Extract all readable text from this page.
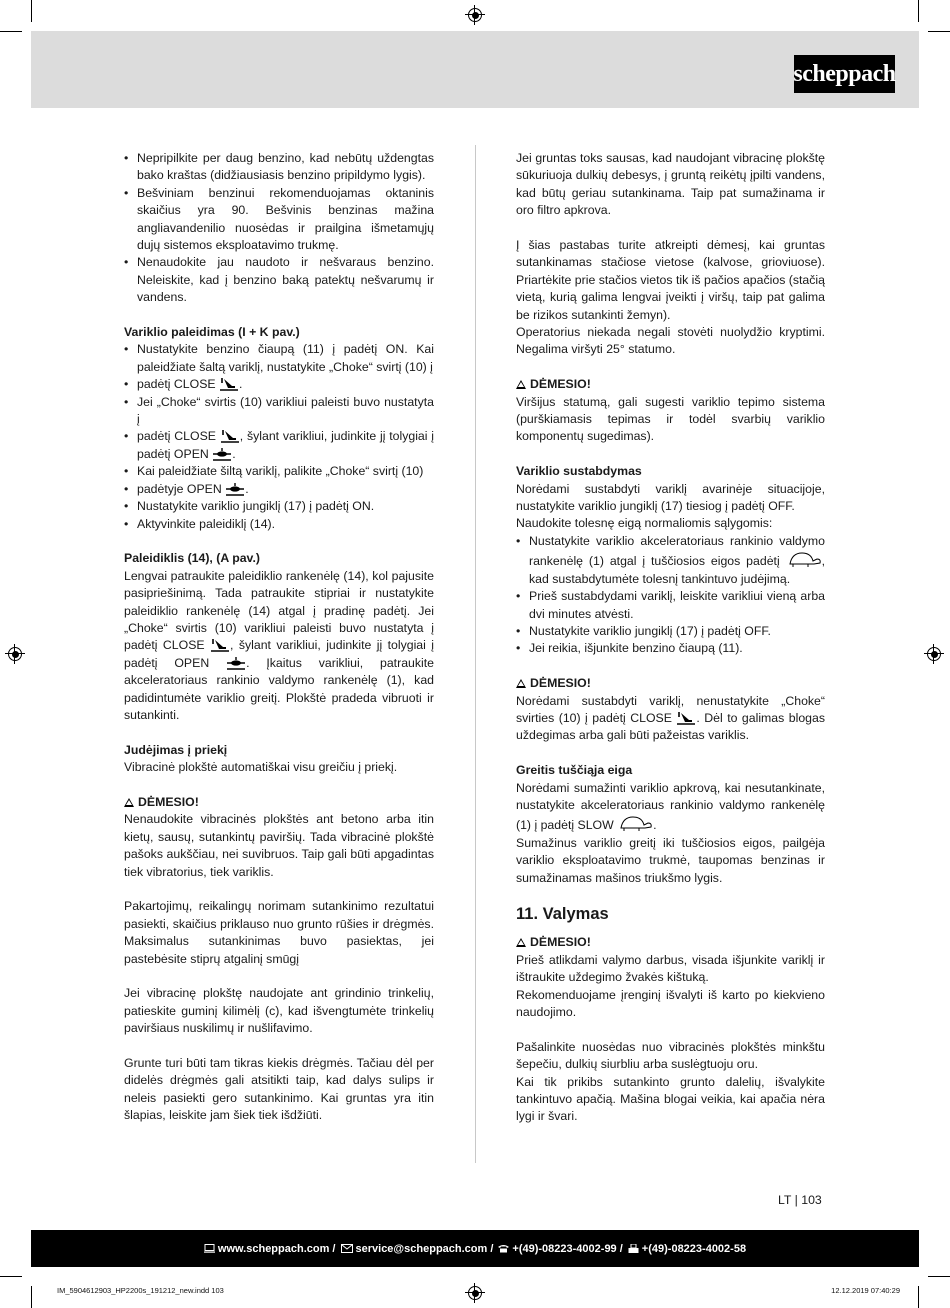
scheppach
• Nepripilkite per daug benzino, kad nebūtų uždengtas bako kraštas (didžiausiasis benzino pripildymo lygis).
• Bešviniam benzinui rekomenduojamas oktaninis skaičius yra 90. Bešvinis benzinas mažina angliavandenilio nuosėdas ir prailgina išmetamųjų dujų sistemos eksploatavimo trukmę.
• Nenaudokite jau naudoto ir nešvaraus benzino. Neleiskite, kad į benzino baką patektų nešvarumų ir vandens.
Variklio paleidimas (I + K pav.)
• Nustatykite benzino čiaupą (11) į padėtį ON. Kai paleidžiate šaltą variklį, nustatykite „Choke“ svirtį (10) į
• padėtį CLOSE .
• Jei „Choke“ svirtis (10) varikliui paleisti buvo nustatyta į
• padėtį CLOSE , šylant varikliui, judinkite jį tolygiai į padėtį OPEN .
• Kai paleidžiate šiltą variklį, palikite „Choke“ svirtį (10)
• padėtyje OPEN .
• Nustatykite variklio jungiklį (17) į padėtį ON.
• Aktyvinkite paleidiklį (14).
Paleidiklis (14), (A pav.)

Lengvai patraukite paleidiklio rankenėlę (14), kol pajusite pasipriešinimą. Tada patraukite stipriai ir nustatykite paleidiklio rankenėlę (14) atgal į pradinę padėtį. Jei „Choke“ svirtis (10) varikliui paleisti buvo nustatyta į padėtį CLOSE , šylant varikliui, judinkite jį tolygiai į padėtį OPEN	. Įkaitus varikliui, patraukite akceleratoriaus rankinio valdymo rankenėlę (1), kad padidintumėte variklio greitį. Plokštė pradeda vibruoti ir sutankinti.

Judėjimas į priekį

Vibracinė plokštė automatiškai visu greičiu į priekį.

DĖMESIO!

Nenaudokite vibracinės plokštės ant betono arba itin kietų, sausų, sutankintų paviršių. Tada vibracinė plokštė pašoks aukščiau, nei suvibruos. Taip gali būti apgadintas tiek vibratorius, tiek variklis.

Pakartojimų, reikalingų norimam sutankinimo rezultatui pasiekti, skaičius priklauso nuo grunto rūšies ir drėgmės. Maksimalus sutankinimas buvo pasiektas, jei pastebėsite stiprų atgalinį smūgį

Jei vibracinę plokštę naudojate ant grindinio trinkelių, patieskite guminį kilimėlį (c), kad išvengtumėte trinkelių paviršiaus nuskilimų ir nušlifavimo.

Grunte turi būti tam tikras kiekis drėgmės. Tačiau dėl per didelės drėgmės gali atsitikti taip, kad dalys sulips ir neleis pasiekti gero sutankinimo. Kai gruntas yra itin šlapias, leiskite jam šiek tiek išdžiūti.

Jei gruntas toks sausas, kad naudojant vibracinę plokštę sūkuriuoja dulkių debesys, į gruntą reikėtų įpilti vandens, kad būtų geriau sutankinama. Taip pat sumažinama ir oro filtro apkrova.

Į šias pastabas turite atkreipti dėmesį, kai gruntas sutankinamas stačiose vietose (kalvose, grioviuose). Priartėkite prie stačios vietos tik iš pačios apačios (stačią vietą, kurią galima lengvai įveikti į viršų, taip pat galima be rizikos sutankinti žemyn).

Operatorius niekada negali stovėti nuolydžio kryptimi. Negalima viršyti 25° statumo.

DĖMESIO!

Viršijus statumą, gali sugesti variklio tepimo sistema (purškiamasis tepimas ir todėl svarbių variklio komponentų sugedimas).

Variklio sustabdymas

Norėdami sustabdyti variklį avarinėje situacijoje, nustatykite variklio jungiklį (17) tiesiog į padėtį OFF.

Naudokite tolesnę eigą normaliomis sąlygomis:

• Nustatykite variklio akceleratoriaus rankinio valdymo rankenėlę (1) atgal į tuščiosios eigos padėtį	, kad sustabdytumėte tolesnį tankintuvo judėjimą.
• Prieš sustabdydami variklį, leiskite varikliui vieną arba dvi minutes atvėsti.
• Nustatykite variklio jungiklį (17) į padėtį OFF.
• Jei reikia, išjunkite benzino čiaupą (11).
DĖMESIO!

Norėdami sustabdyti variklį, nenustatykite „Choke“ svirties (10) į padėtį CLOSE . Dėl to galimas blogas uždegimas arba gali būti pažeistas variklis.

Greitis tuščiąja eiga

Norėdami sumažinti variklio apkrovą, kai nesutankinate, nustatykite akceleratoriaus rankinio valdymo rankenėlę (1) į padėtį SLOW	.

Sumažinus variklio greitį iki tuščiosios eigos, pailgėja variklio eksploatavimo trukmė, taupomas benzinas ir sumažinamas mašinos triukšmo lygis.

11. Valymas
DĖMESIO!

Prieš atlikdami valymo darbus, visada išjunkite variklį ir ištraukite uždegimo žvakės kištuką.

Rekomenduojame įrenginį išvalyti iš karto po kiekvieno naudojimo.

Pašalinkite nuosėdas nuo vibracinės plokštės minkštu šepečiu, dulkių siurbliu arba suslėgtuoju oru.

Kai tik prikibs sutankinto grunto dalelių, išvalykite tankintuvo apačią. Mašina blogai veikia, kai apačia nėra lygi ir švari.

LT | 103
www.scheppach.com / service@scheppach.com / +(49)-08223-4002-99 / +(49)-08223-4002-58
IM_5904612903_HP2200s_191212_new.indd 103	12.12.2019 07:40:29
